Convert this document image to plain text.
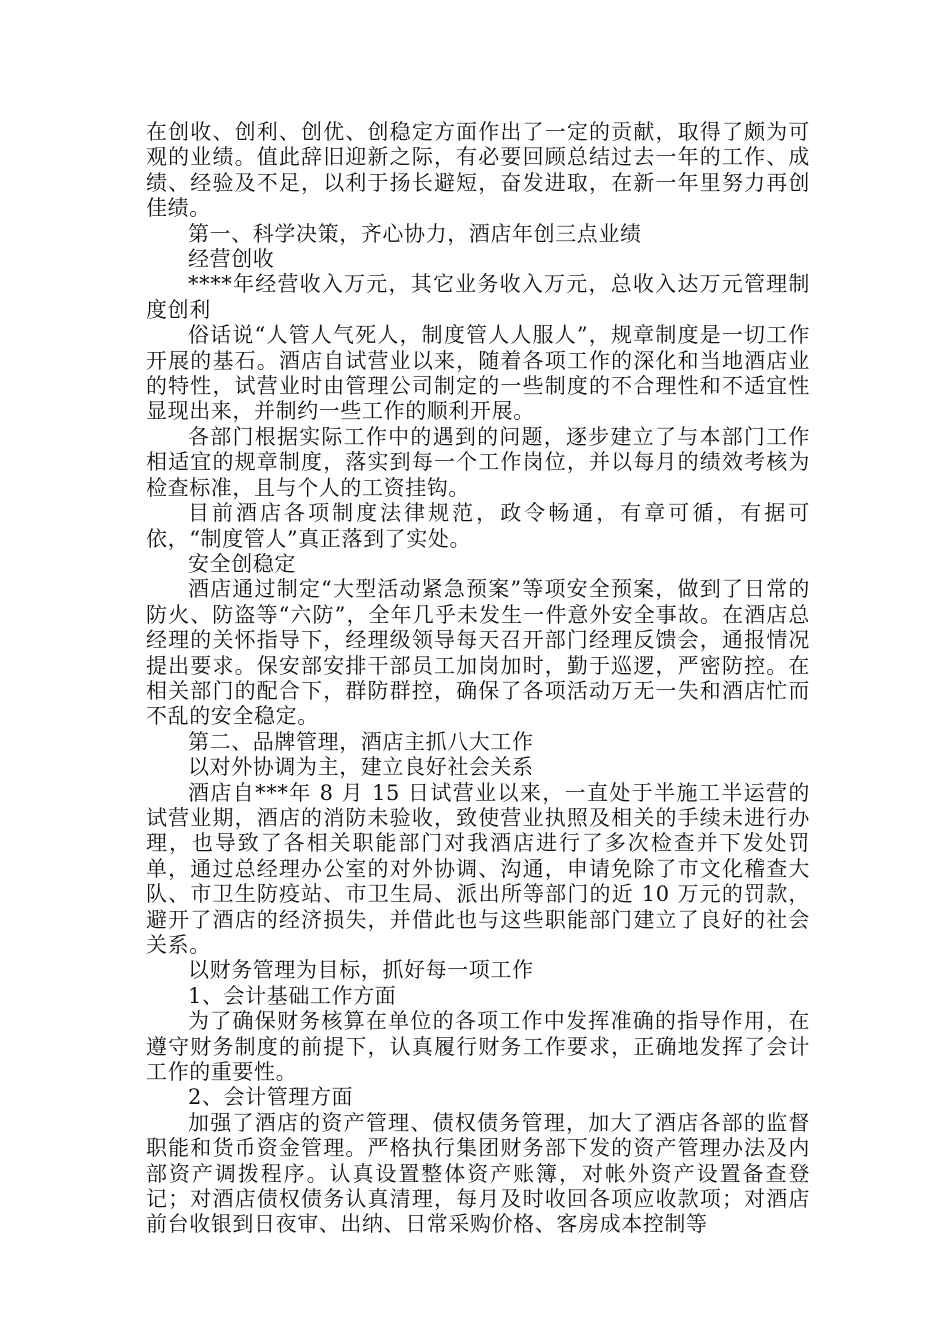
在创收、创利、创优、创稳定方面作出了一定的贡献，取得了颇为可观的业绩。值此辞旧迎新之际，有必要回顾总结过去一年的工作、成绩、经验及不足，以利于扬长避短，奋发进取，在新一年里努力再创佳绩。

第一、科学决策，齐心协力，酒店年创三点业绩

经营创收

****年经营收入万元，其它业务收入万元，总收入达万元管理制度创利

俗话说“人管人气死人，制度管人人服人”，规章制度是一切工作开展的基石。酒店自试营业以来，随着各项工作的深化和当地酒店业的特性，试营业时由管理公司制定的一些制度的不合理性和不适宜性显现出来，并制约一些工作的顺利开展。

各部门根据实际工作中的遇到的问题，逐步建立了与本部门工作相适宜的规章制度，落实到每一个工作岗位，并以每月的绩效考核为检查标准，且与个人的工资挂钩。

目前酒店各项制度法律规范，政令畅通，有章可循，有据可依，“制度管人”真正落到了实处。

安全创稳定

酒店通过制定“大型活动紧急预案”等项安全预案，做到了日常的防火、防盗等“六防”，全年几乎未发生一件意外安全事故。在酒店总经理的关怀指导下，经理级领导每天召开部门经理反馈会，通报情况提出要求。保安部安排干部员工加岗加时，勤于巡逻，严密防控。在相关部门的配合下，群防群控，确保了各项活动万无一失和酒店忙而不乱的安全稳定。

第二、品牌管理，酒店主抓八大工作

以对外协调为主，建立良好社会关系

酒店自***年 8 月 15 日试营业以来，一直处于半施工半运营的试营业期，酒店的消防未验收，致使营业执照及相关的手续未进行办理，也导致了各相关职能部门对我酒店进行了多次检查并下发处罚单，通过总经理办公室的对外协调、沟通，申请免除了市文化稽查大队、市卫生防疫站、市卫生局、派出所等部门的近 10 万元的罚款，避开了酒店的经济损失，并借此也与这些职能部门建立了良好的社会关系。

以财务管理为目标，抓好每一项工作

1、会计基础工作方面

为了确保财务核算在单位的各项工作中发挥准确的指导作用，在遵守财务制度的前提下，认真履行财务工作要求，正确地发挥了会计工作的重要性。

2、会计管理方面

加强了酒店的资产管理、债权债务管理，加大了酒店各部的监督职能和货币资金管理。严格执行集团财务部下发的资产管理办法及内部资产调拨程序。认真设置整体资产账簿，对帐外资产设置备查登记；对酒店债权债务认真清理，每月及时收回各项应收款项；对酒店前台收银到日夜审、出纳、日常采购价格、客房成本控制等
